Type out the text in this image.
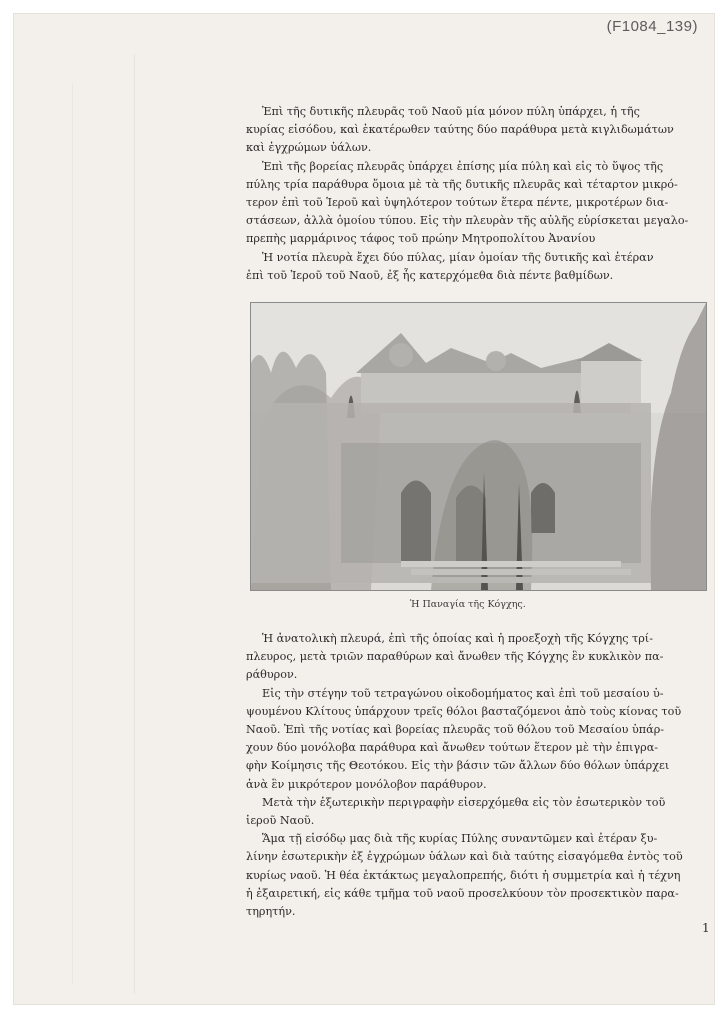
(F1084_139)

Ἐπὶ τῆς δυτικῆς πλευρᾶς τοῦ Ναοῦ μία μόνον πύλη ὑπάρχει, ἡ τῆς

κυρίας εἰσόδου, καὶ ἑκατέρωθεν ταύτης δύο παράθυρα μετὰ κιγλιδωμάτων

καὶ ἐγχρώμων ὑάλων.

Ἐπὶ τῆς βορείας πλευρᾶς ὑπάρχει ἐπίσης μία πύλη καὶ εἰς τὸ ὕψος τῆς

πύλης τρία παράθυρα ὅμοια μὲ τὰ τῆς δυτικῆς πλευρᾶς καὶ τέταρτον μικρό-

τερον ἐπὶ τοῦ Ἱεροῦ καὶ ὑψηλότερον τούτων ἕτερα πέντε, μικροτέρων δια-

στάσεων, ἀλλὰ ὁμοίου τύπου. Εἰς τὴν πλευρὰν τῆς αὐλῆς εὑρίσκεται μεγαλο-

πρεπὴς μαρμάρινος τάφος τοῦ πρώην Μητροπολίτου Ἀνανίου

Ἡ νοτία πλευρὰ ἔχει δύο πύλας, μίαν ὁμοίαν τῆς δυτικῆς καὶ ἑτέραν

ἐπὶ τοῦ Ἱεροῦ τοῦ Ναοῦ, ἐξ ἧς κατερχόμεθα διὰ πέντε βαθμίδων.

Ἡ Παναγία τῆς Κόγχης.

Ἡ ἀνατολικὴ πλευρά, ἐπὶ τῆς ὁποίας καὶ ἡ προεξοχὴ τῆς Κόγχης τρί-

πλευρος, μετὰ τριῶν παραθύρων καὶ ἄνωθεν τῆς Κόγχης ἓν κυκλικὸν πα-

ράθυρον.

Εἰς τὴν στέγην τοῦ τετραγώνου οἰκοδομήματος καὶ ἐπὶ τοῦ μεσαίου ὑ-

ψουμένου Κλίτους ὑπάρχουν τρεῖς θόλοι βασταζόμενοι ἀπὸ τοὺς κίονας τοῦ

Ναοῦ. Ἐπὶ τῆς νοτίας καὶ βορείας πλευρᾶς τοῦ θόλου τοῦ Μεσαίου ὑπάρ-

χουν δύο μονόλοβα παράθυρα καὶ ἄνωθεν τούτων ἕτερον μὲ τὴν ἐπιγρα-

φὴν Κοίμησις τῆς Θεοτόκου. Εἰς τὴν βάσιν τῶν ἄλλων δύο θόλων ὑπάρχει

ἀνὰ ἓν μικρότερον μονόλοβον παράθυρον.

Μετὰ τὴν ἐξωτερικὴν περιγραφὴν εἰσερχόμεθα εἰς τὸν ἐσωτερικὸν τοῦ

ἱεροῦ Ναοῦ.

Ἅμα τῇ εἰσόδῳ μας διὰ τῆς κυρίας Πύλης συναντῶμεν καὶ ἑτέραν ξυ-

λίνην ἐσωτερικὴν ἐξ ἐγχρώμων ὑάλων καὶ διὰ ταύτης εἰσαγόμεθα ἐντὸς τοῦ

κυρίως ναοῦ. Ἡ θέα ἐκτάκτως μεγαλοπρεπής, διότι ἡ συμμετρία καὶ ἡ τέχνη

ἡ ἐξαιρετική, εἰς κάθε τμῆμα τοῦ ναοῦ προσελκύουν τὸν προσεκτικὸν παρα-

τηρητήν.

1
